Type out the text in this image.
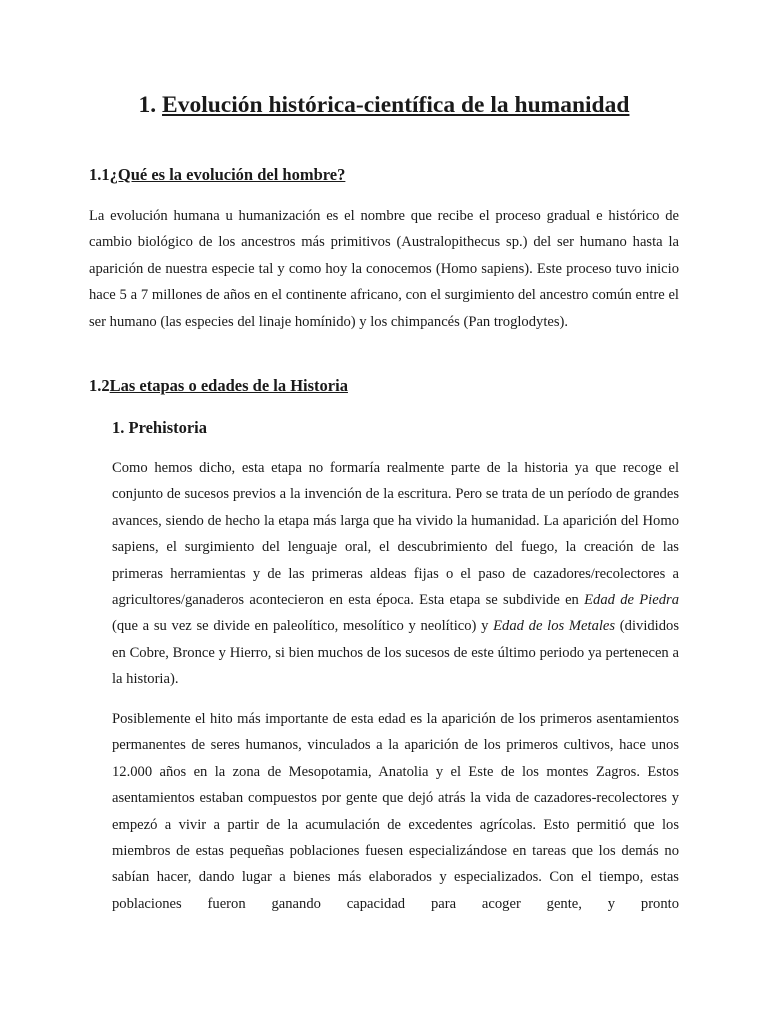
1. Evolución histórica-científica de la humanidad
1.1¿Qué es la evolución del hombre?

La evolución humana u humanización es el nombre que recibe el proceso gradual e histórico de cambio biológico de los ancestros más primitivos (Australopithecus sp.) del ser humano hasta la aparición de nuestra especie tal y como hoy la conocemos (Homo sapiens). Este proceso tuvo inicio hace 5 a 7 millones de años en el continente africano, con el surgimiento del ancestro común entre el ser humano (las especies del linaje homínido) y los chimpancés (Pan troglodytes).

1.2Las etapas o edades de la Historia
1. Prehistoria

Como hemos dicho, esta etapa no formaría realmente parte de la historia ya que recoge el conjunto de sucesos previos a la invención de la escritura. Pero se trata de un período de grandes avances, siendo de hecho la etapa más larga que ha vivido la humanidad. La aparición del Homo sapiens, el surgimiento del lenguaje oral, el descubrimiento del fuego, la creación de las primeras herramientas y de las primeras aldeas fijas o el paso de cazadores/recolectores a agricultores/ganaderos acontecieron en esta época. Esta etapa se subdivide en Edad de Piedra (que a su vez se divide en paleolítico, mesolítico y neolítico) y Edad de los Metales (divididos en Cobre, Bronce y Hierro, si bien muchos de los sucesos de este último periodo ya pertenecen a la historia).

Posiblemente el hito más importante de esta edad es la aparición de los primeros asentamientos permanentes de seres humanos, vinculados a la aparición de los primeros cultivos, hace unos 12.000 años en la zona de Mesopotamia, Anatolia y el Este de los montes Zagros. Estos asentamientos estaban compuestos por gente que dejó atrás la vida de cazadores-recolectores y empezó a vivir a partir de la acumulación de excedentes agrícolas. Esto permitió que los miembros de estas pequeñas poblaciones fuesen especializándose en tareas que los demás no sabían hacer, dando lugar a bienes más elaborados y especializados. Con el tiempo, estas poblaciones fueron ganando capacidad para acoger gente, y pronto
